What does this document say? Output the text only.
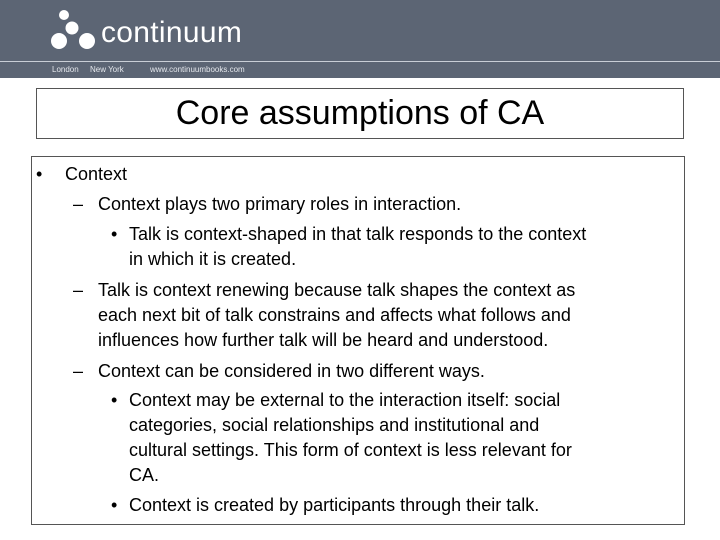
continuum
London New York	www.continuumbooks.com
Core assumptions of CA
• Context
– Context plays two primary roles in interaction.
• Talk is context-shaped in that talk responds to the context
in which it is created.
– Talk is context renewing because talk shapes the context as
each next bit of talk constrains and affects what follows and
influences how further talk will be heard and understood.
– Context can be considered in two different ways.
• Context may be external to the interaction itself: social
categories, social relationships and institutional and
cultural settings. This form of context is less relevant for
CA.
• Context is created by participants through their talk.
